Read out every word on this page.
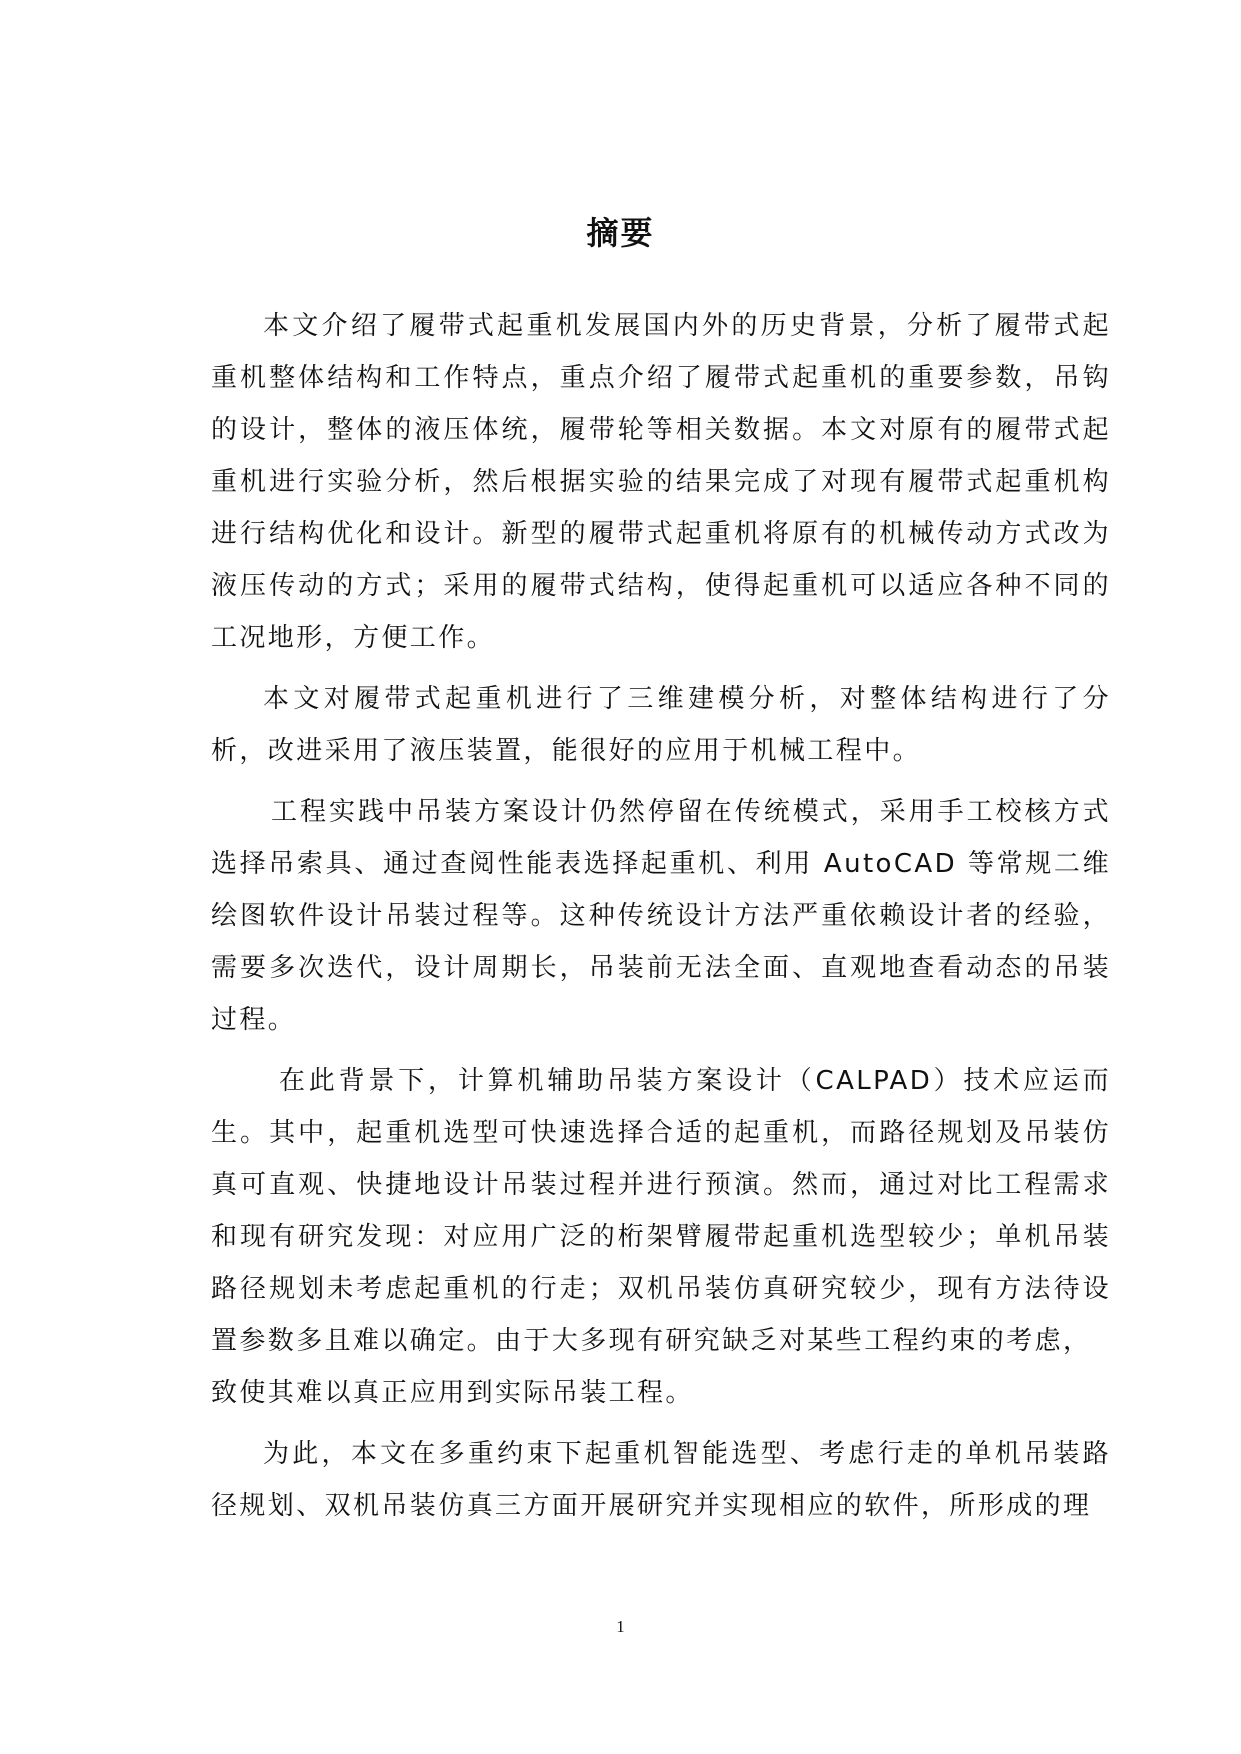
摘要

本文介绍了履带式起重机发展国内外的历史背景，分析了履带式起重机整体结构和工作特点，重点介绍了履带式起重机的重要参数，吊钩的设计，整体的液压体统，履带轮等相关数据。本文对原有的履带式起重机进行实验分析，然后根据实验的结果完成了对现有履带式起重机构进行结构优化和设计。新型的履带式起重机将原有的机械传动方式改为液压传动的方式；采用的履带式结构，使得起重机可以适应各种不同的工况地形，方便工作。

本文对履带式起重机进行了三维建模分析，对整体结构进行了分析，改进采用了液压装置，能很好的应用于机械工程中。

工程实践中吊装方案设计仍然停留在传统模式，采用手工校核方式选择吊索具、通过查阅性能表选择起重机、利用 AutoCAD 等常规二维绘图软件设计吊装过程等。这种传统设计方法严重依赖设计者的经验，需要多次迭代，设计周期长，吊装前无法全面、直观地查看动态的吊装过程。

在此背景下，计算机辅助吊装方案设计（CALPAD）技术应运而生。其中，起重机选型可快速选择合适的起重机，而路径规划及吊装仿真可直观、快捷地设计吊装过程并进行预演。然而，通过对比工程需求和现有研究发现：对应用广泛的桁架臂履带起重机选型较少；单机吊装路径规划未考虑起重机的行走；双机吊装仿真研究较少，现有方法待设置参数多且难以确定。由于大多现有研究缺乏对某些工程约束的考虑，

致使其难以真正应用到实际吊装工程。

为此，本文在多重约束下起重机智能选型、考虑行走的单机吊装路径规划、双机吊装仿真三方面开展研究并实现相应的软件，所形成的理

1
